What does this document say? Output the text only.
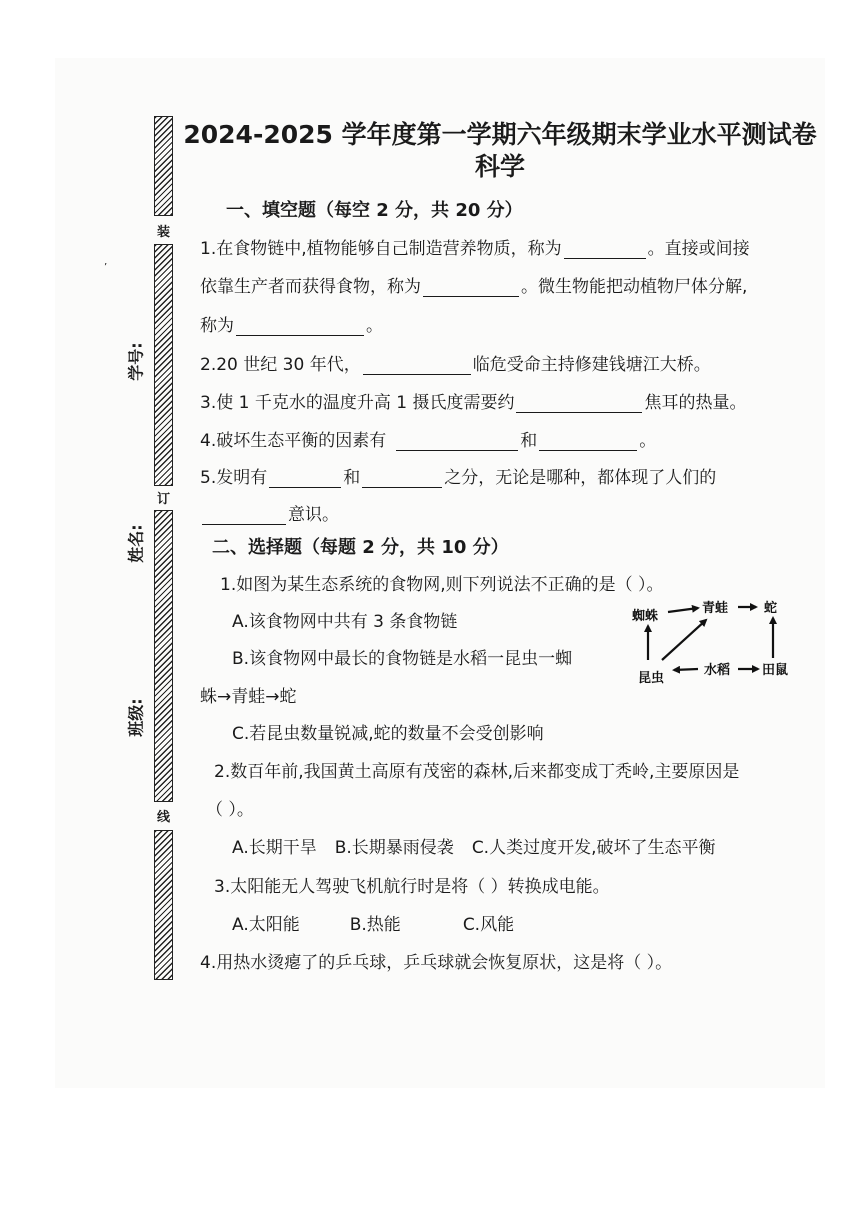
装
订
线
’
学号:
姓名:
班级:
2024-2025 学年度第一学期六年级期末学业水平测试卷
科学
一、填空题（每空 2 分，共 20 分）
1.在食物链中,植物能够自己制造营养物质，称为	。直接或间接
依靠生产者而获得食物，称为	。微生物能把动植物尸体分解,
称为	。
2.20 世纪 30 年代，	临危受命主持修建钱塘江大桥。
3.使 1 千克水的温度升高 1 摄氏度需要约	焦耳的热量。
4.破坏生态平衡的因素有	和	。
5.发明有	和	之分，无论是哪种，都体现了人们的
意识。
二、选择题（每题 2 分，共 10 分）
1.如图为某生态系统的食物网,则下列说法不正确的是（ ）。
A.该食物网中共有 3 条食物链
B.该食物网中最长的食物链是水稻一昆虫一蜘
蛛→青蛙→蛇
C.若昆虫数量锐减,蛇的数量不会受创影响
蜘蛛
青蛙	蛇
昆虫
水稻 田鼠
2.数百年前,我国黄土高原有茂密的森林,后来都变成丁秃岭,主要原因是
（ ）。
A.长期干旱 B.长期暴雨侵袭 C.人类过度开发,破坏了生态平衡
3.太阳能无人驾驶飞机航行时是将（ ）转换成电能。
A.太阳能	B.热能	C.风能
4.用热水烫瘪了的乒乓球，乒乓球就会恢复原状，这是将（ ）。
